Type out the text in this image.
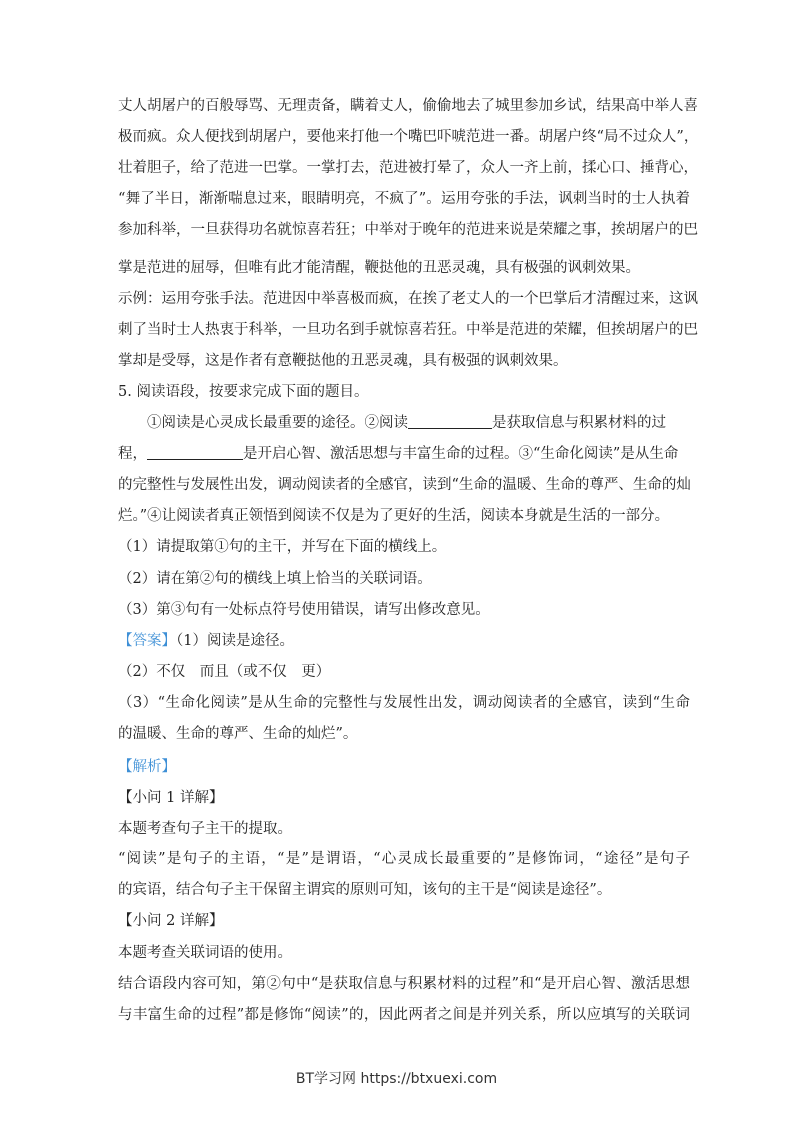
丈人胡屠户的百般辱骂、无理责备，瞒着丈人，偷偷地去了城里参加乡试，结果高中举人喜
极而疯。众人便找到胡屠户，要他来打他一个嘴巴吓唬范进一番。胡屠户终“局不过众人”，
壮着胆子，给了范进一巴掌。一掌打去，范进被打晕了，众人一齐上前，揉心口、捶背心，
“舞了半日，渐渐喘息过来，眼睛明亮，不疯了”。运用夸张的手法，讽刺当时的士人执着
参加科举，一旦获得功名就惊喜若狂；中举对于晚年的范进来说是荣耀之事，挨胡屠户的巴
掌是范进的屈辱，但唯有此才能清醒，鞭挞他的丑恶灵魂，具有极强的讽刺效果。
示例：运用夸张手法。范进因中举喜极而疯，在挨了老丈人的一个巴掌后才清醒过来，这讽
刺了当时士人热衷于科举，一旦功名到手就惊喜若狂。中举是范进的荣耀，但挨胡屠户的巴
掌却是受辱，这是作者有意鞭挞他的丑恶灵魂，具有极强的讽刺效果。
5. 阅读语段，按要求完成下面的题目。
①阅读是心灵成长最重要的途径。②阅读	是获取信息与积累材料的过
程，	是开启心智、激活思想与丰富生命的过程。③“生命化阅读”是从生命
的完整性与发展性出发，调动阅读者的全感官，读到“生命的温暖、生命的尊严、生命的灿
烂。”④让阅读者真正领悟到阅读不仅是为了更好的生活，阅读本身就是生活的一部分。
（1）请提取第①句的主干，并写在下面的横线上。
（2）请在第②句的横线上填上恰当的关联词语。
（3）第③句有一处标点符号使用错误，请写出修改意见。
【答案】（1）阅读是途径。
（2）不仅　而且（或不仅　更）
（3）“生命化阅读”是从生命的完整性与发展性出发，调动阅读者的全感官，读到“生命
的温暖、生命的尊严、生命的灿烂”。
【解析】
【小问 1 详解】
本题考查句子主干的提取。
“阅读”是句子的主语，“是”是谓语，“心灵成长最重要的”是修饰词，“途径”是句子
的宾语，结合句子主干保留主谓宾的原则可知，该句的主干是“阅读是途径”。
【小问 2 详解】
本题考查关联词语的使用。
结合语段内容可知，第②句中“是获取信息与积累材料的过程”和“是开启心智、激活思想
与丰富生命的过程”都是修饰“阅读”的，因此两者之间是并列关系，所以应填写的关联词
BT学习网 https://btxuexi.com
